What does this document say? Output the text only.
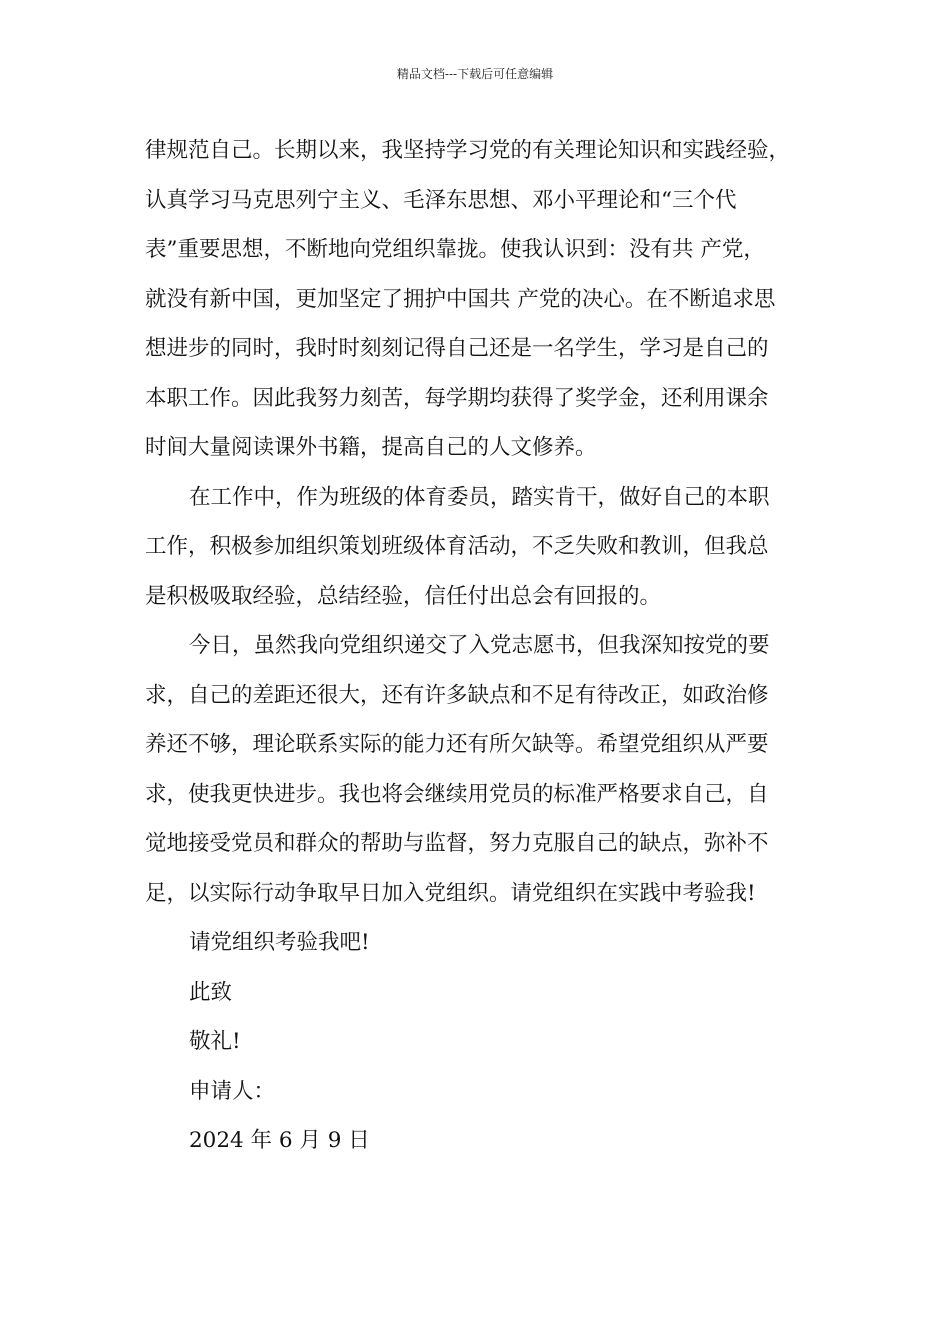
精品文档---下载后可任意编辑
律规范自己。长期以来，我坚持学习党的有关理论知识和实践经验，
认真学习马克思列宁主义、毛泽东思想、邓小平理论和“三个代
表”重要思想，不断地向党组织靠拢。使我认识到：没有共 产党，
就没有新中国，更加坚定了拥护中国共 产党的决心。在不断追求思
想进步的同时，我时时刻刻记得自己还是一名学生，学习是自己的
本职工作。因此我努力刻苦，每学期均获得了奖学金，还利用课余
时间大量阅读课外书籍，提高自己的人文修养。
在工作中，作为班级的体育委员，踏实肯干，做好自己的本职
工作，积极参加组织策划班级体育活动，不乏失败和教训，但我总
是积极吸取经验，总结经验，信任付出总会有回报的。
今日，虽然我向党组织递交了入党志愿书，但我深知按党的要
求，自己的差距还很大，还有许多缺点和不足有待改正，如政治修
养还不够，理论联系实际的能力还有所欠缺等。希望党组织从严要
求，使我更快进步。我也将会继续用党员的标准严格要求自己，自
觉地接受党员和群众的帮助与监督，努力克服自己的缺点，弥补不
足，以实际行动争取早日加入党组织。请党组织在实践中考验我!
请党组织考验我吧!
此致
敬礼!
申请人：
2024 年 6 月 9 日
